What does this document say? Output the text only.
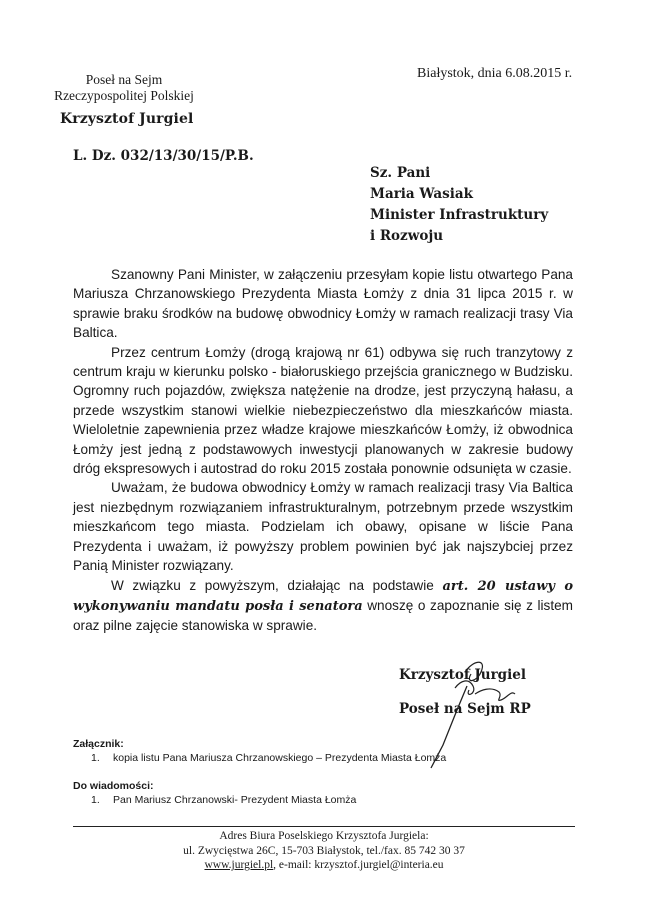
Poseł na Sejm
Rzeczypospolitej Polskiej
Krzysztof Jurgiel
Białystok, dnia 6.08.2015 r.
L. Dz. 032/13/30/15/P.B.
Sz. Pani
Maria Wasiak
Minister Infrastruktury
i Rozwoju

Szanowny Pani Minister, w załączeniu przesyłam kopie listu otwartego Pana Mariusza Chrzanowskiego Prezydenta Miasta Łomży z dnia 31 lipca 2015 r. w sprawie braku środków na budowę obwodnicy Łomży w ramach realizacji trasy Via Baltica.

Przez centrum Łomży (drogą krajową nr 61) odbywa się ruch tranzytowy z centrum kraju w kierunku polsko - białoruskiego przejścia granicznego w Budzisku. Ogromny ruch pojazdów, zwiększa natężenie na drodze, jest przyczyną hałasu, a przede wszystkim stanowi wielkie niebezpieczeństwo dla mieszkańców miasta. Wieloletnie zapewnienia przez władze krajowe mieszkańców Łomży, iż obwodnica Łomży jest jedną z podstawowych inwestycji planowanych w zakresie budowy dróg ekspresowych i autostrad do roku 2015 została ponownie odsunięta w czasie.

Uważam, że budowa obwodnicy Łomży w ramach realizacji trasy Via Baltica jest niezbędnym rozwiązaniem infrastrukturalnym, potrzebnym przede wszystkim mieszkańcom tego miasta. Podzielam ich obawy, opisane w liście Pana Prezydenta i uważam, iż powyższy problem powinien być jak najszybciej przez Panią Minister rozwiązany.

W związku z powyższym, działając na podstawie art. 20 ustawy o wykonywaniu mandatu posła i senatora wnoszę o zapoznanie się z listem oraz pilne zajęcie stanowiska w sprawie.

Krzysztof Jurgiel
Poseł na Sejm RP
Załącznik:
1. kopia listu Pana Mariusza Chrzanowskiego – Prezydenta Miasta Łomża
Do wiadomości:
1. Pan Mariusz Chrzanowski- Prezydent Miasta Łomża
Adres Biura Poselskiego Krzysztofa Jurgiela:
ul. Zwycięstwa 26C, 15-703 Białystok, tel./fax. 85 742 30 37
www.jurgiel.pl, e-mail: krzysztof.jurgiel@interia.eu
